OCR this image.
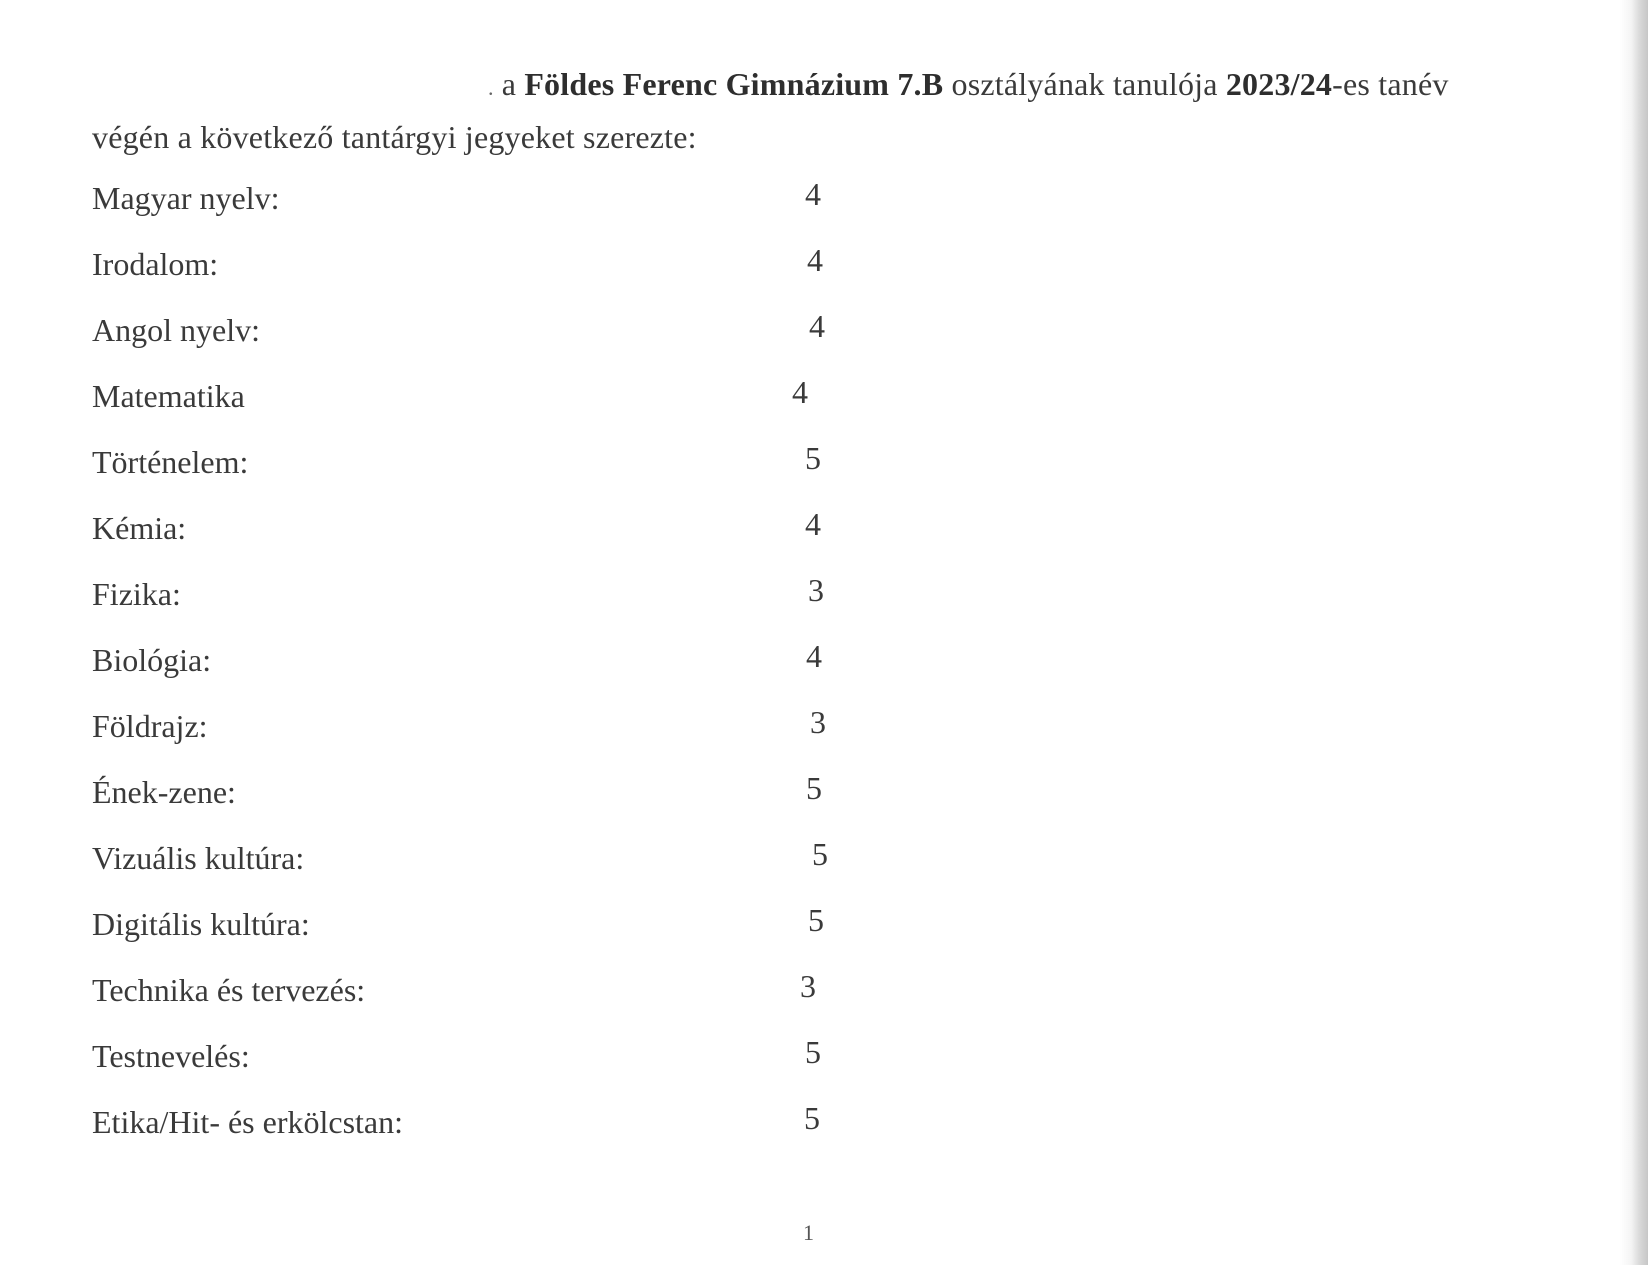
. a Földes Ferenc Gimnázium 7.B osztályának tanulója 2023/24-es tanév
végén a következő tantárgyi jegyeket szerezte:
Magyar nyelv:	4
Irodalom:	4
Angol nyelv:	4
Matematika	4
Történelem:	5
Kémia:	4
Fizika:	3
Biológia:	4
Földrajz:	3
Ének-zene:	5
Vizuális kultúra:	5
Digitális kultúra:	5
Technika és tervezés:	3
Testnevelés:	5
Etika/Hit- és erkölcstan:	5
1
